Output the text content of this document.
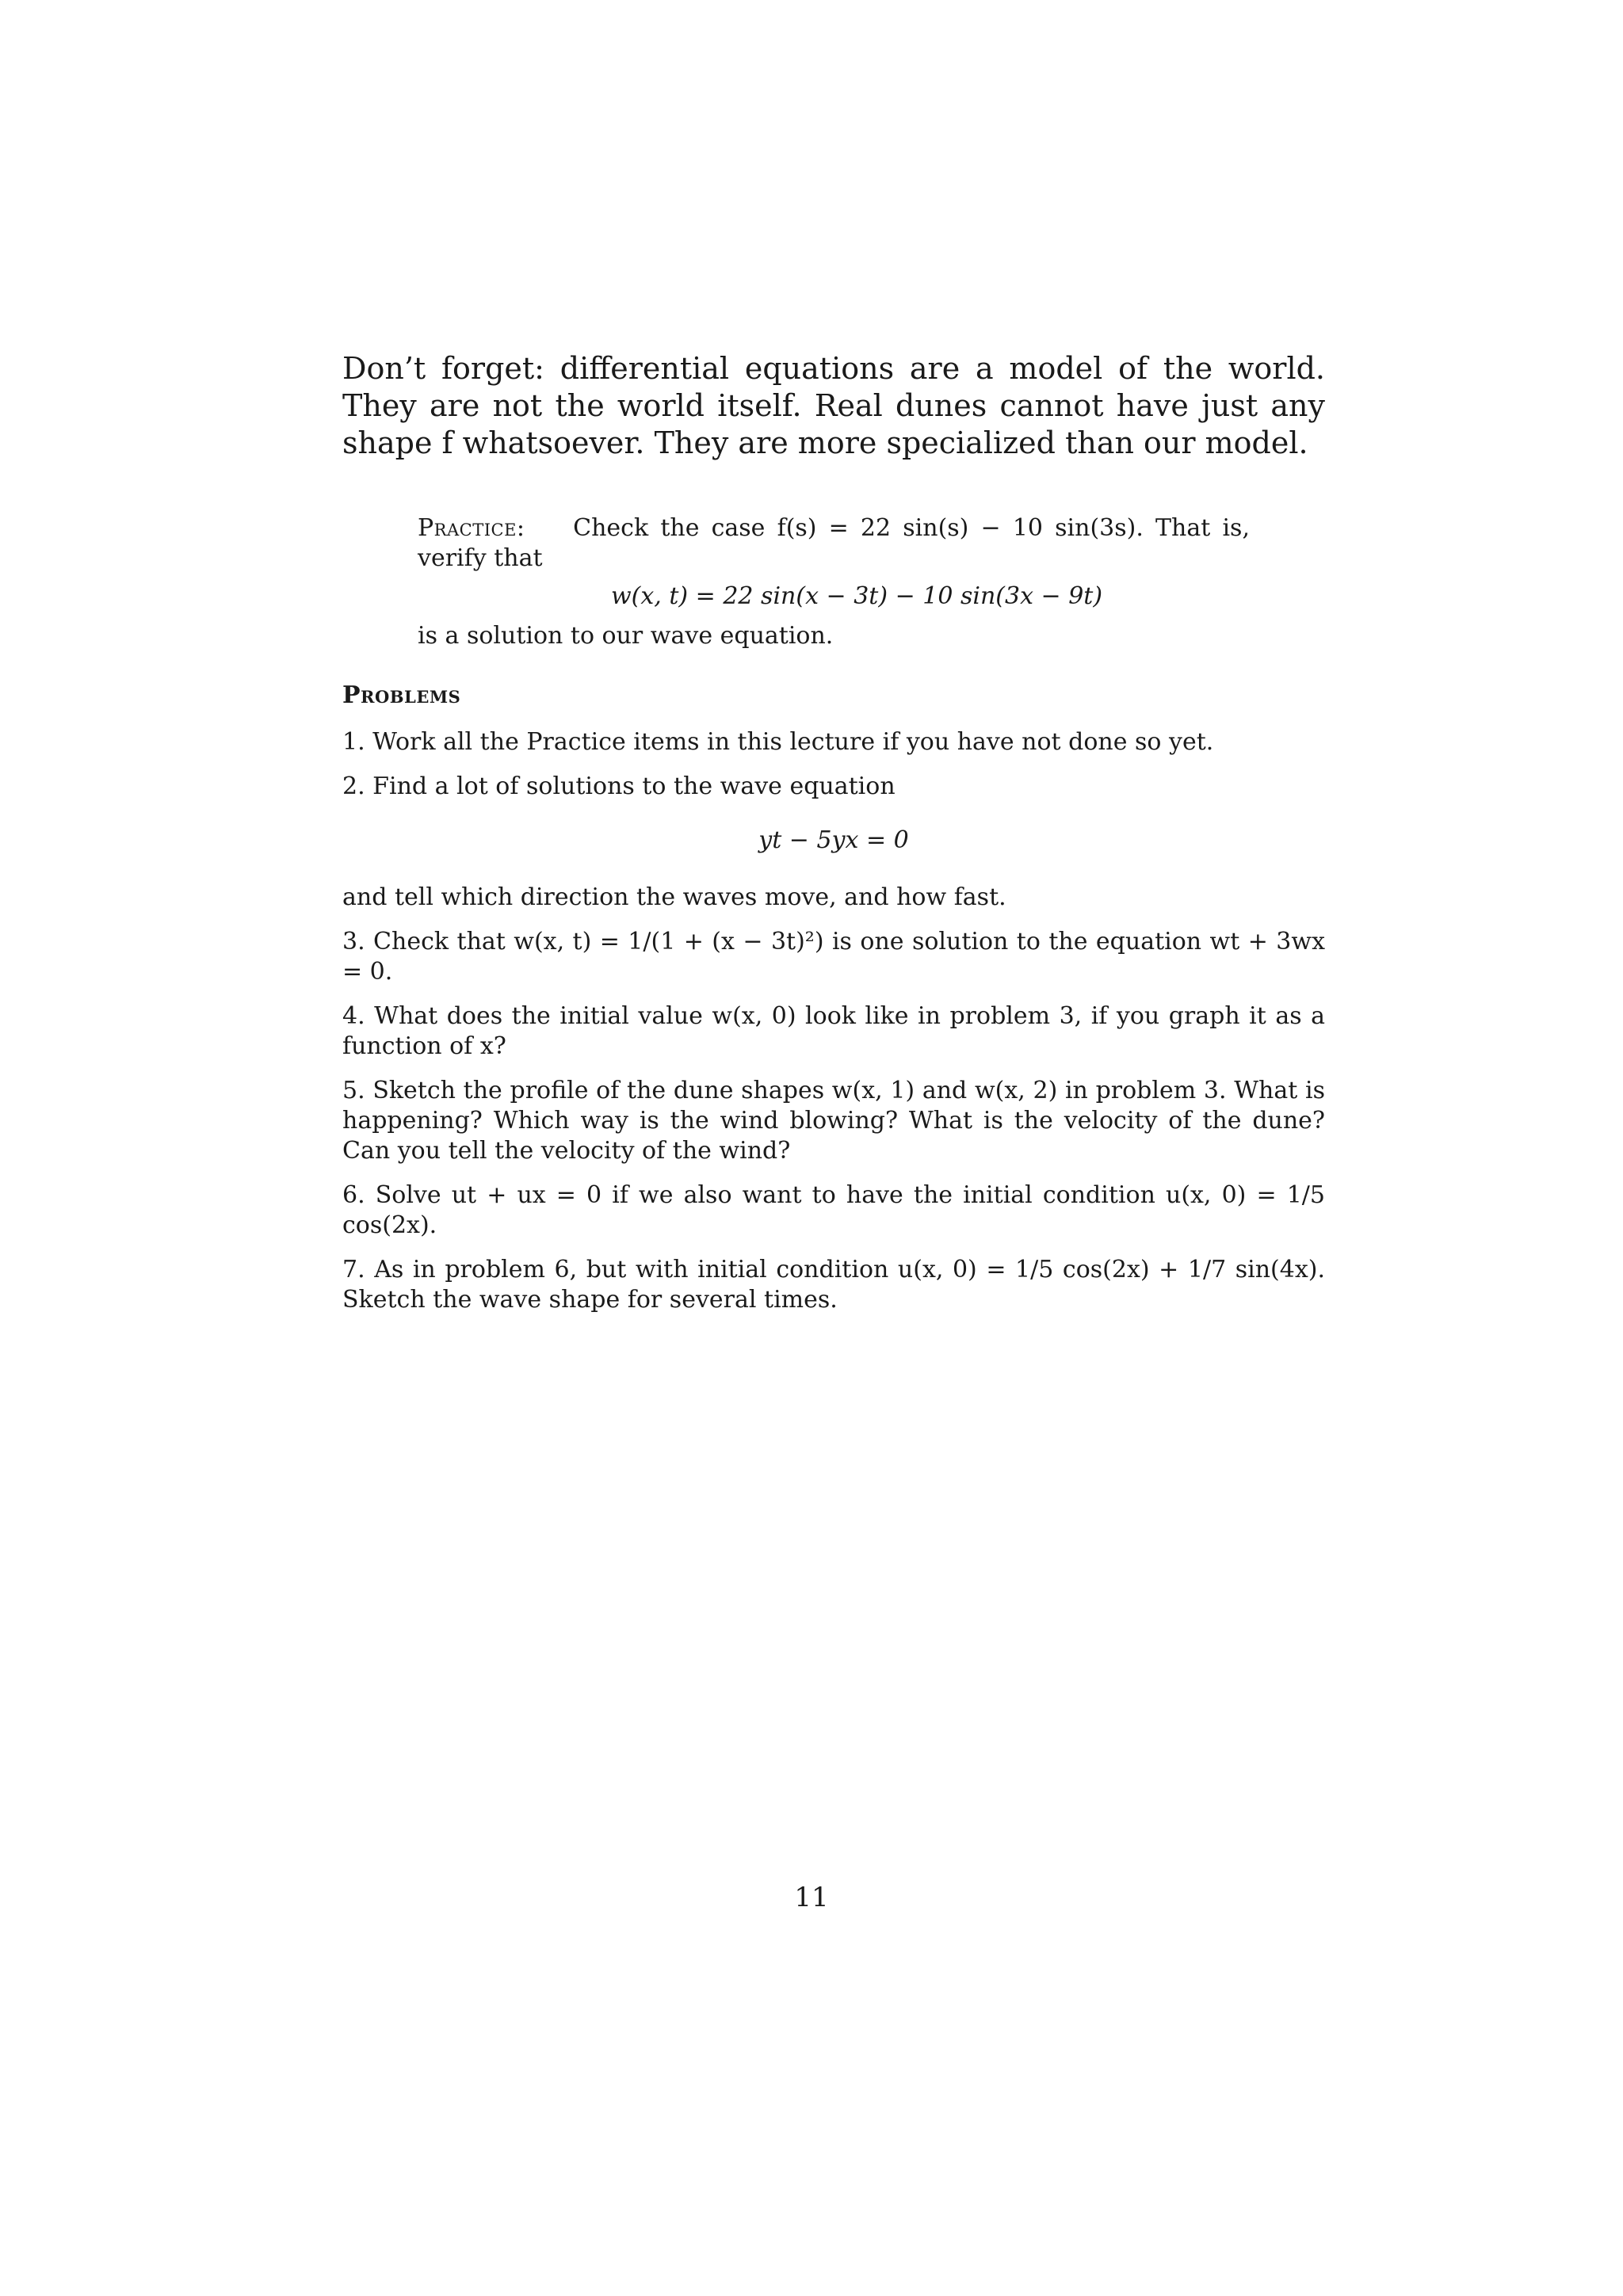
Don’t forget: differential equations are a model of the world. They are not the world itself. Real dunes cannot have just any shape f whatsoever. They are more specialized than our model.

Practice: Check the case f(s) = 22 sin(s) − 10 sin(3s). That is, verify that

w(x, t) = 22 sin(x − 3t) − 10 sin(3x − 9t)

is a solution to our wave equation.

Problems

1. Work all the Practice items in this lecture if you have not done so yet.

2. Find a lot of solutions to the wave equation

yt − 5yx = 0

and tell which direction the waves move, and how fast.

3. Check that w(x, t) = 1/(1 + (x − 3t)²) is one solution to the equation wt + 3wx = 0.

4. What does the initial value w(x, 0) look like in problem 3, if you graph it as a function of x?

5. Sketch the profile of the dune shapes w(x, 1) and w(x, 2) in problem 3. What is happening? Which way is the wind blowing? What is the velocity of the dune? Can you tell the velocity of the wind?

6. Solve ut + ux = 0 if we also want to have the initial condition u(x, 0) = 1/5 cos(2x).

7. As in problem 6, but with initial condition u(x, 0) = 1/5 cos(2x) + 1/7 sin(4x). Sketch the wave shape for several times.

11
